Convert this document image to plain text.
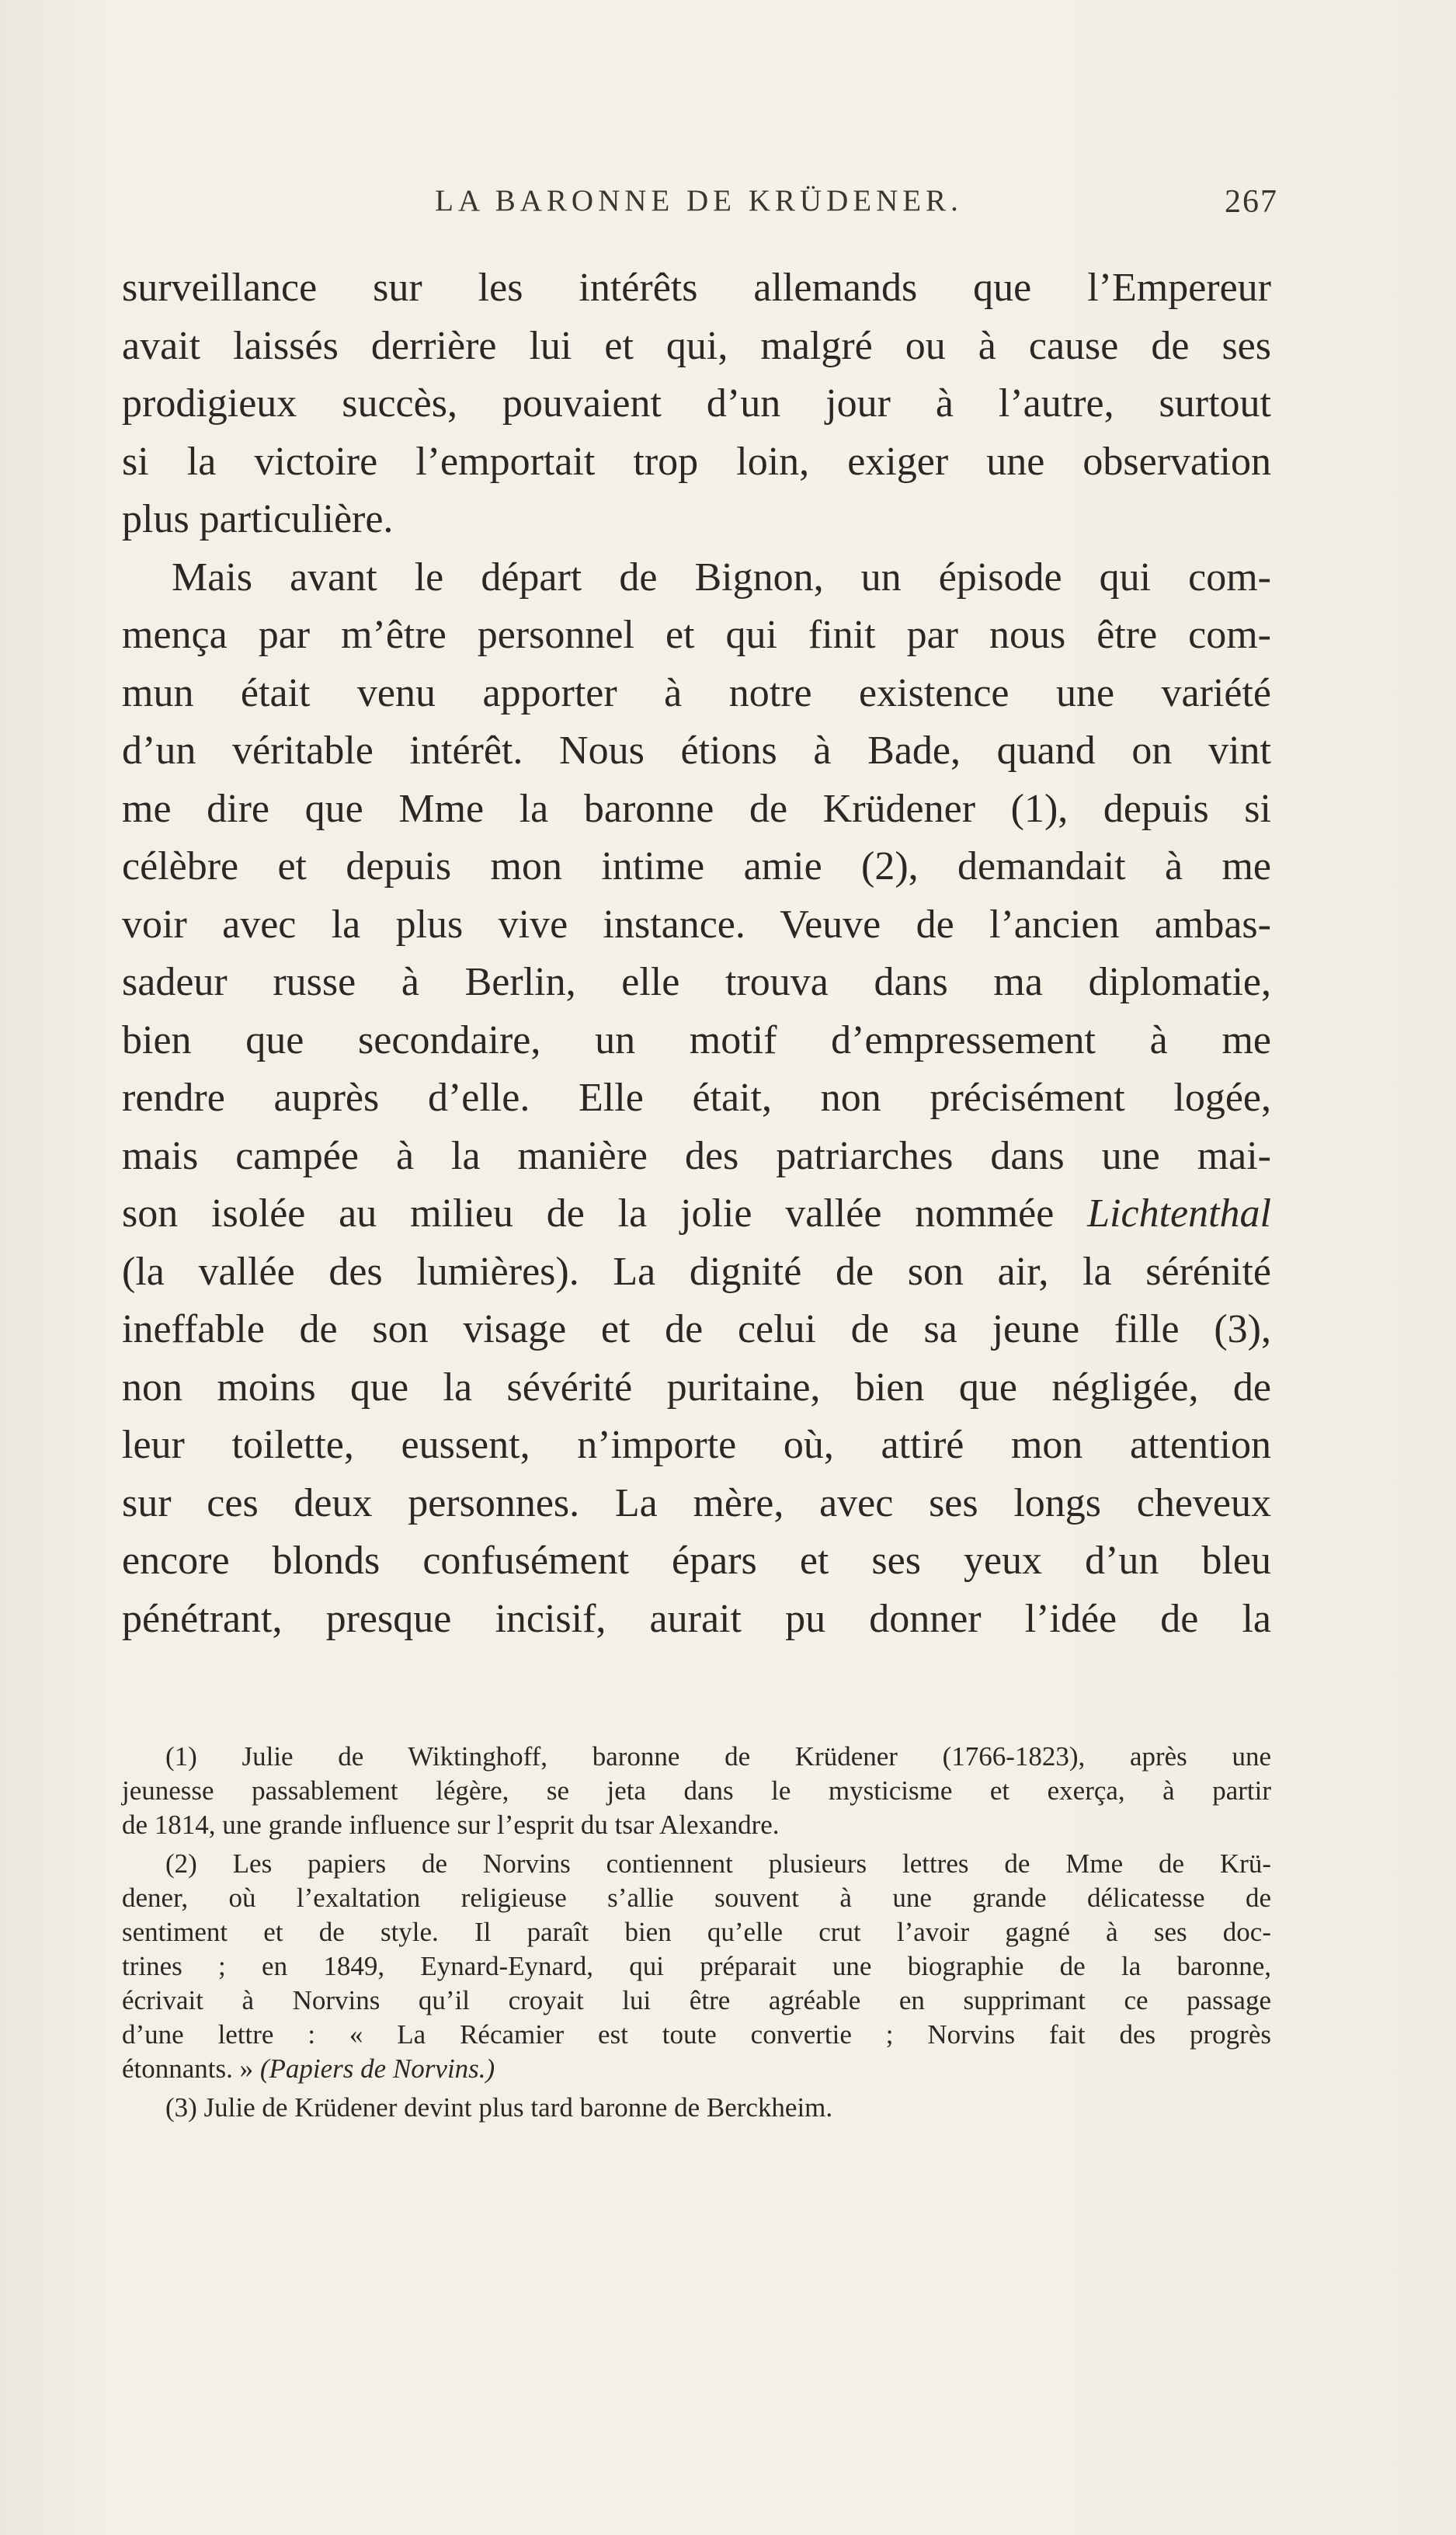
LA BARONNE DE KRÜDENER.	267

surveillance sur les intérêts allemands que l’Empereur
avait laissés derrière lui et qui, malgré ou à cause de ses
prodigieux succès, pouvaient d’un jour à l’autre, surtout
si la victoire l’emportait trop loin, exiger une observation
plus particulière.

Mais avant le départ de Bignon, un épisode qui com-
mença par m’être personnel et qui finit par nous être com-
mun était venu apporter à notre existence une variété
d’un véritable intérêt. Nous étions à Bade, quand on vint
me dire que Mme la baronne de Krüdener (1), depuis si
célèbre et depuis mon intime amie (2), demandait à me
voir avec la plus vive instance. Veuve de l’ancien ambas-
sadeur russe à Berlin, elle trouva dans ma diplomatie,
bien que secondaire, un motif d’empressement à me
rendre auprès d’elle. Elle était, non précisément logée,
mais campée à la manière des patriarches dans une mai-
son isolée au milieu de la jolie vallée nommée Lichtenthal
(la vallée des lumières). La dignité de son air, la sérénité
ineffable de son visage et de celui de sa jeune fille (3),
non moins que la sévérité puritaine, bien que négligée, de
leur toilette, eussent, n’importe où, attiré mon attention
sur ces deux personnes. La mère, avec ses longs cheveux
encore blonds confusément épars et ses yeux d’un bleu
pénétrant, presque incisif, aurait pu donner l’idée de la

(1) Julie de Wiktinghoff, baronne de Krüdener (1766-1823), après une
jeunesse passablement légère, se jeta dans le mysticisme et exerça, à partir
de 1814, une grande influence sur l’esprit du tsar Alexandre.
(2) Les papiers de Norvins contiennent plusieurs lettres de Mme de Krü-
dener, où l’exaltation religieuse s’allie souvent à une grande délicatesse de
sentiment et de style. Il paraît bien qu’elle crut l’avoir gagné à ses doc-
trines ; en 1849, Eynard-Eynard, qui préparait une biographie de la baronne,
écrivait à Norvins qu’il croyait lui être agréable en supprimant ce passage
d’une lettre : « La Récamier est toute convertie ; Norvins fait des progrès
étonnants. » (Papiers de Norvins.)
(3) Julie de Krüdener devint plus tard baronne de Berckheim.
